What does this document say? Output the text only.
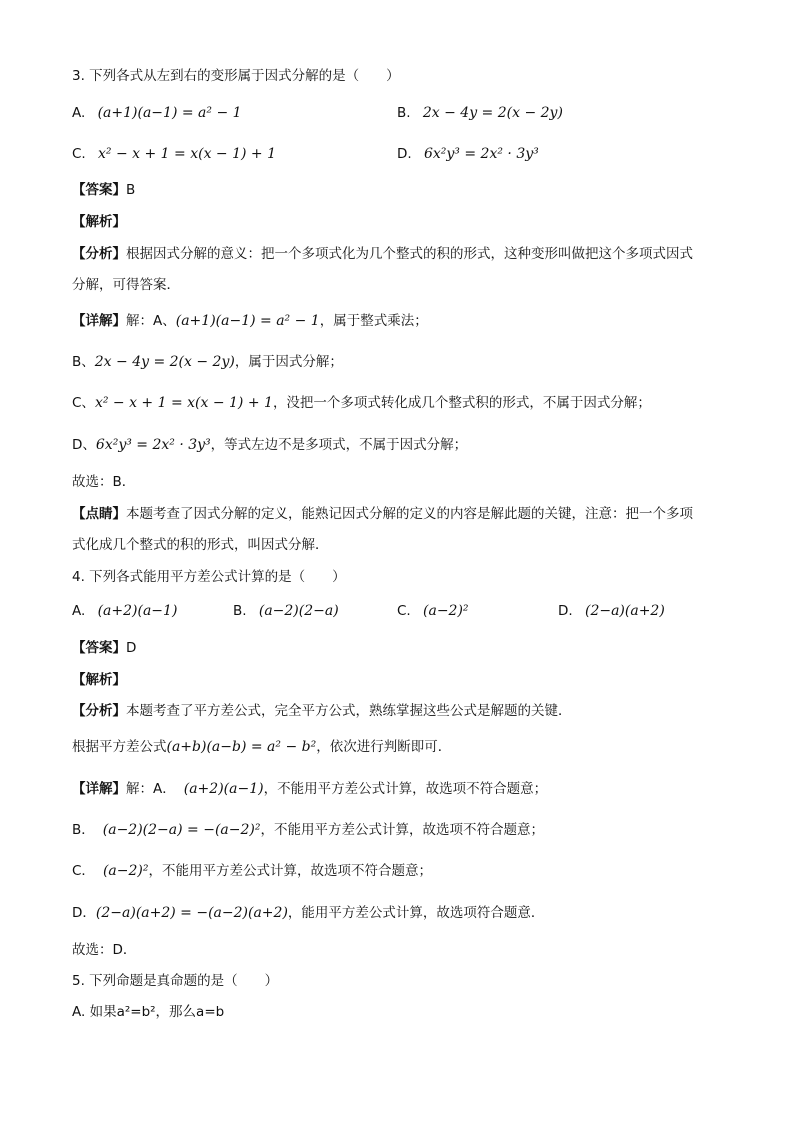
3. 下列各式从左到右的变形属于因式分解的是（　　）
A. (a+1)(a−1) = a² − 1	B. 2x − 4y = 2(x − 2y)
C. x² − x + 1 = x(x − 1) + 1	D. 6x²y³ = 2x² · 3y³
【答案】B
【解析】
【分析】根据因式分解的意义：把一个多项式化为几个整式的积的形式，这种变形叫做把这个多项式因式
分解，可得答案．
【详解】解：A、(a+1)(a−1) = a² − 1，属于整式乘法；
B、2x − 4y = 2(x − 2y)，属于因式分解；
C、x² − x + 1 = x(x − 1) + 1，没把一个多项式转化成几个整式积的形式，不属于因式分解；
D、6x²y³ = 2x² · 3y³，等式左边不是多项式，不属于因式分解；
故选：B．
【点睛】本题考查了因式分解的定义，能熟记因式分解的定义的内容是解此题的关键，注意：把一个多项
式化成几个整式的积的形式，叫因式分解．
4. 下列各式能用平方差公式计算的是（　　）
A. (a+2)(a−1)	B. (a−2)(2−a)	C. (a−2)²	D. (2−a)(a+2)
【答案】D
【解析】
【分析】本题考查了平方差公式，完全平方公式，熟练掌握这些公式是解题的关键．
根据平方差公式(a+b)(a−b) = a² − b²，依次进行判断即可．
【详解】解：A． (a+2)(a−1)，不能用平方差公式计算，故选项不符合题意；
B． (a−2)(2−a) = −(a−2)²，不能用平方差公式计算，故选项不符合题意；
C． (a−2)²，不能用平方差公式计算，故选项不符合题意；
D．(2−a)(a+2) = −(a−2)(a+2)，能用平方差公式计算，故选项符合题意．
故选：D．
5. 下列命题是真命题的是（　　）
A. 如果a²=b²，那么a=b
